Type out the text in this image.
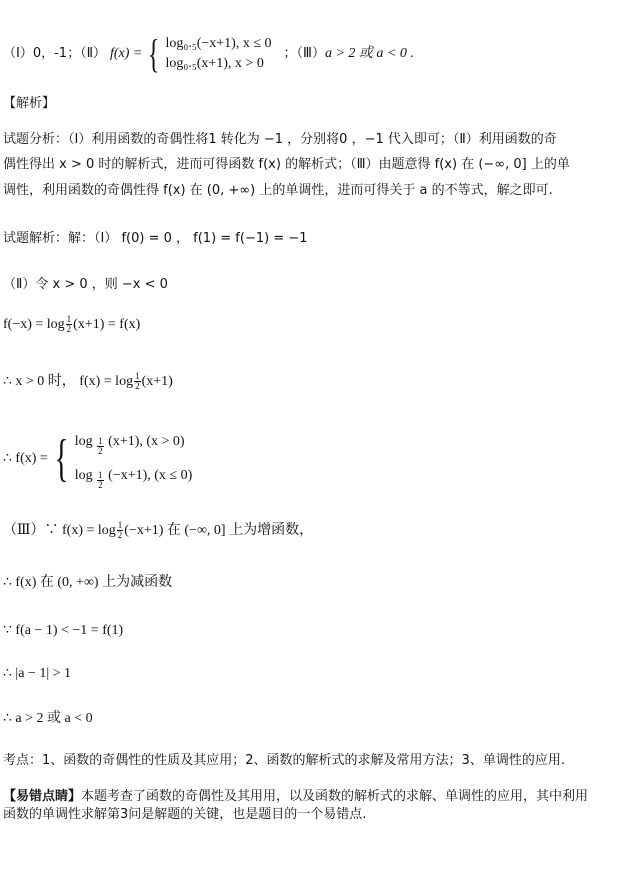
（Ⅰ）0，-1；（Ⅱ） f(x) = { log₀.₅(−x+1), x ≤ 0
log₀.₅(x+1), x > 0
；（Ⅲ） a > 2 或 a < 0 .
【解析】
试题分析：（Ⅰ）利用函数的奇偶性将1 转化为 −1 ，分别将0 ，−1 代入即可；（Ⅱ）利用函数的奇
偶性得出 x > 0 时的解析式，进而可得函数 f(x) 的解析式；（Ⅲ）由题意得 f(x) 在 (−∞, 0] 上的单
调性，利用函数的奇偶性得 f(x) 在 (0, +∞) 上的单调性，进而可得关于 a 的不等式，解之即可.
试题解析：解：（Ⅰ） f(0) = 0 ， f(1) = f(−1) = −1
（Ⅱ）令 x > 0 ，则 −x < 0
$f(-x) = \log \frac{1}{2} (x+1) = f(x)$
∴ x > 0 时， $f(x) = \log \frac{1}{2} (x+1)$
∴ f(x) = { $\log \frac{1}{2} (x+1)$, (x > 0)
$\log \frac{1}{2} (-x+1)$, (x ≤ 0)
（Ⅲ）∵ $f(x) = \log \frac{1}{2} (-x+1)$ 在 (−∞, 0] 上为增函数，
∴ f(x) 在 (0, +∞) 上为减函数
∵ f(a − 1) < −1 = f(1)
∴ |a − 1| > 1
∴ a > 2 或 a < 0
考点：1、函数的奇偶性的性质及其应用；2、函数的解析式的求解及常用方法；3、单调性的应用.
【易错点睛】本题考查了函数的奇偶性及其用用，以及函数的解析式的求解、单调性的应用，其中利用
函数的单调性求解第3问是解题的关键，也是题目的一个易错点.
